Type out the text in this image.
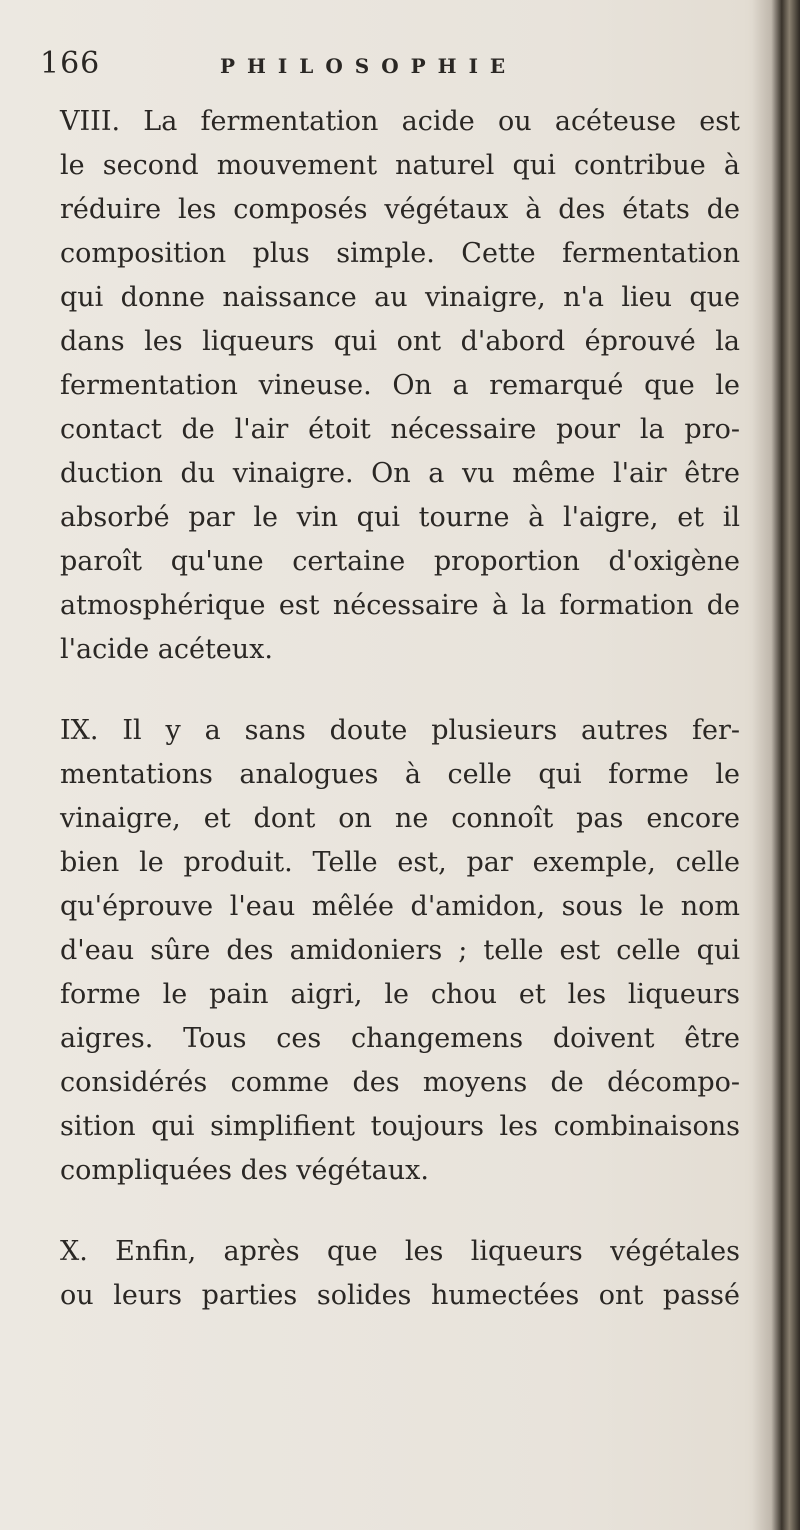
166	PHILOSOPHIE
VIII. La fermentation acide ou acéteuse est
le second mouvement naturel qui contribue à
réduire les composés végétaux à des états de
composition plus simple. Cette fermentation
qui donne naissance au vinaigre, n'a lieu que
dans les liqueurs qui ont d'abord éprouvé la
fermentation vineuse. On a remarqué que le
contact de l'air étoit nécessaire pour la pro-
duction du vinaigre. On a vu même l'air être
absorbé par le vin qui tourne à l'aigre, et il
paroît qu'une certaine proportion d'oxigène
atmosphérique est nécessaire à la formation de
l'acide acéteux.
IX. Il y a sans doute plusieurs autres fer-
mentations analogues à celle qui forme le
vinaigre, et dont on ne connoît pas encore
bien le produit. Telle est, par exemple, celle
qu'éprouve l'eau mêlée d'amidon, sous le nom
d'eau sûre des amidoniers ; telle est celle qui
forme le pain aigri, le chou et les liqueurs
aigres. Tous ces changemens doivent être
considérés comme des moyens de décompo-
sition qui simplifient toujours les combinaisons
compliquées des végétaux.
X. Enfin, après que les liqueurs végétales
ou leurs parties solides humectées ont passé
